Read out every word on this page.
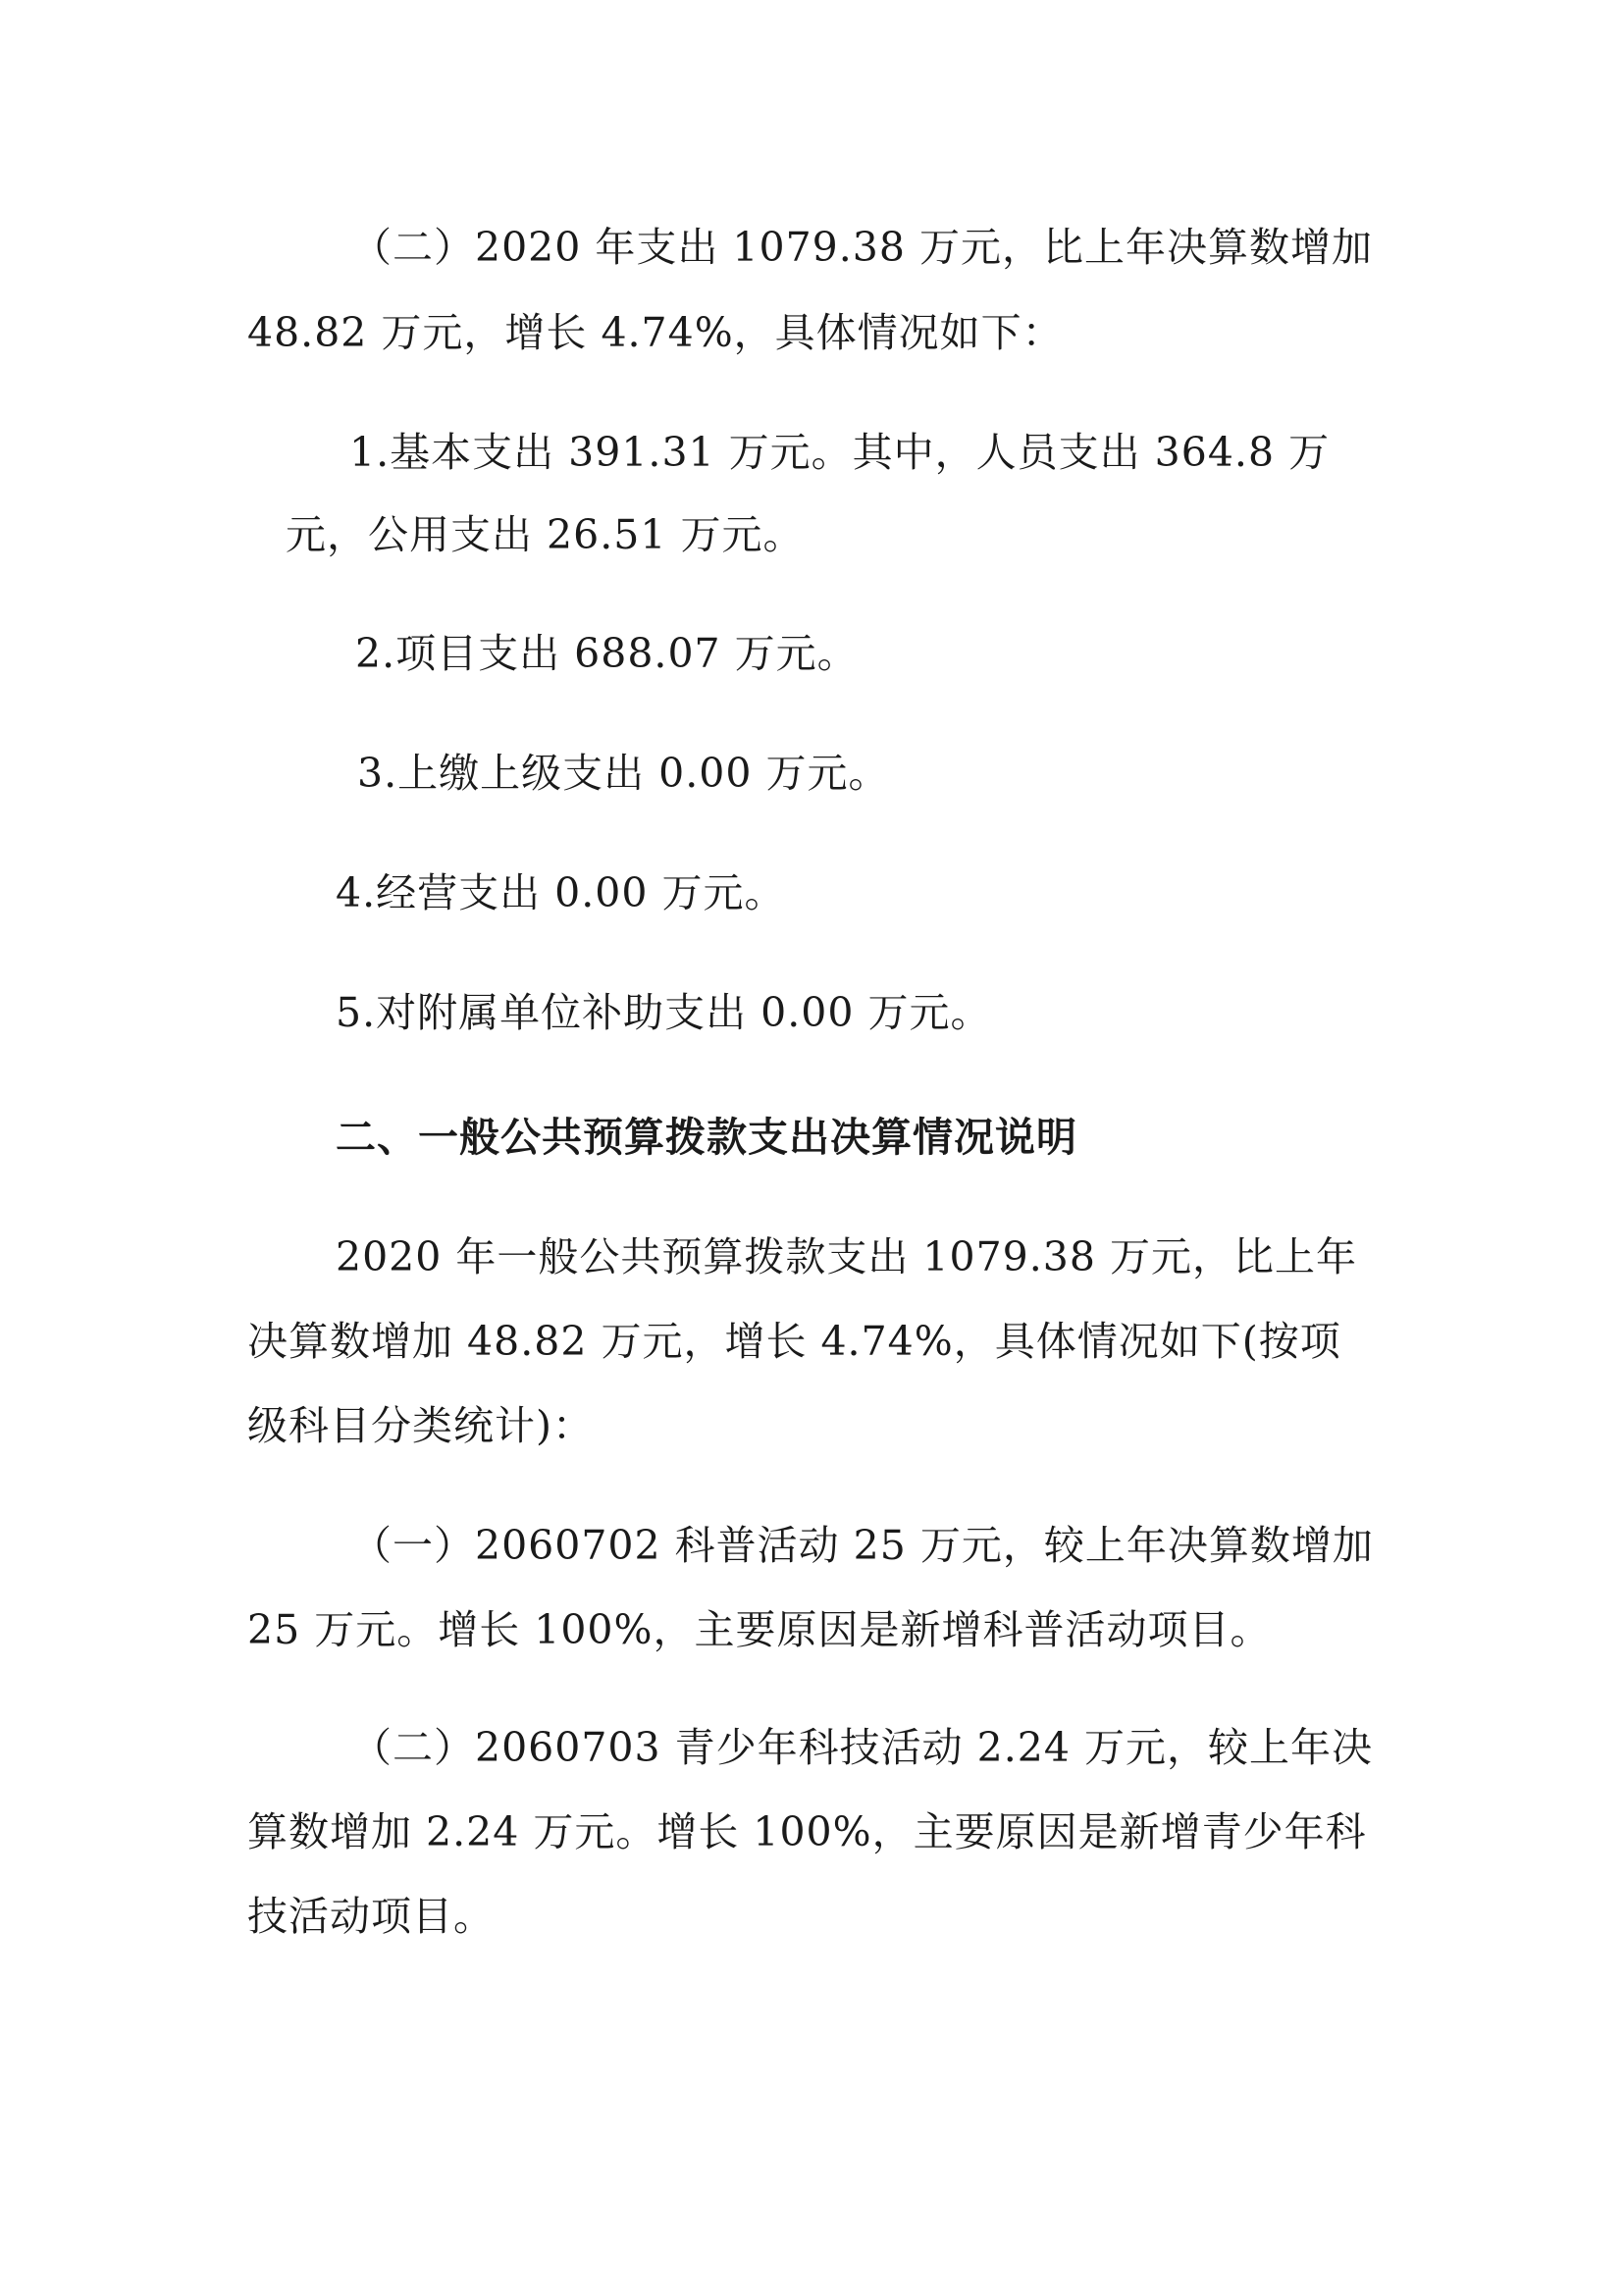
（二）2020 年支出 1079.38 万元，比上年决算数增加
48.82 万元，增长 4.74%，具体情况如下：
1.基本支出 391.31 万元。其中，人员支出 364.8 万
元，公用支出 26.51 万元。
2.项目支出 688.07 万元。
3.上缴上级支出 0.00 万元。
4.经营支出 0.00 万元。
5.对附属单位补助支出 0.00 万元。
二、一般公共预算拨款支出决算情况说明
2020 年一般公共预算拨款支出 1079.38 万元，比上年
决算数增加 48.82 万元，增长 4.74%，具体情况如下(按项
级科目分类统计)：
（一）2060702 科普活动 25 万元，较上年决算数增加
25 万元。增长 100%，主要原因是新增科普活动项目。
（二）2060703 青少年科技活动 2.24 万元，较上年决
算数增加 2.24 万元。增长 100%，主要原因是新增青少年科
技活动项目。
